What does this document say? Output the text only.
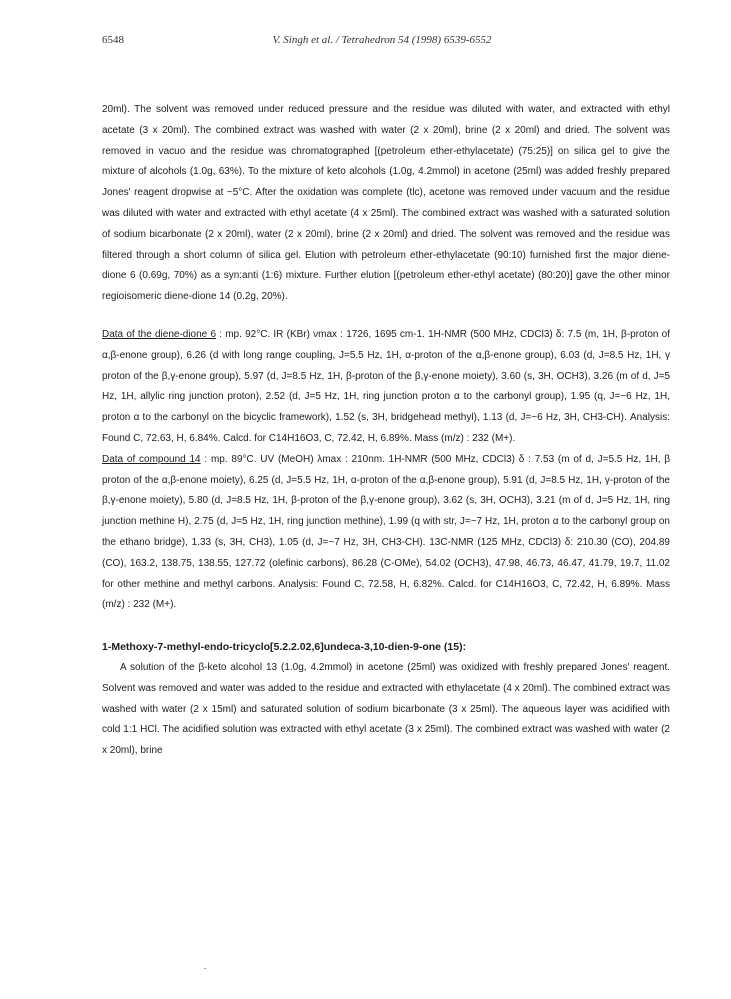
6548	V. Singh et al. / Tetrahedron 54 (1998) 6539-6552

20ml). The solvent was removed under reduced pressure and the residue was diluted with water, and extracted with ethyl acetate (3 x 20ml). The combined extract was washed with water (2 x 20ml), brine (2 x 20ml) and dried. The solvent was removed in vacuo and the residue was chromatographed [(petroleum ether-ethylacetate) (75:25)] on silica gel to give the mixture of alcohols (1.0g, 63%). To the mixture of keto alcohols (1.0g, 4.2mmol) in acetone (25ml) was added freshly prepared Jones' reagent dropwise at ~5°C. After the oxidation was complete (tlc), acetone was removed under vacuum and the residue was diluted with water and extracted with ethyl acetate (4 x 25ml). The combined extract was washed with a saturated solution of sodium bicarbonate (2 x 20ml), water (2 x 20ml), brine (2 x 20ml) and dried. The solvent was removed and the residue was filtered through a short column of silica gel. Elution with petroleum ether-ethylacetate (90:10) furnished first the major diene-dione 6 (0.69g, 70%) as a syn:anti (1:6) mixture. Further elution [(petroleum ether-ethyl acetate) (80:20)] gave the other minor regioisomeric diene-dione 14 (0.2g, 20%).

Data of the diene-dione 6 : mp. 92°C. IR (KBr) νmax : 1726, 1695 cm-1. 1H-NMR (500 MHz, CDCl3) δ: 7.5 (m, 1H, β-proton of α,β-enone group), 6.26 (d with long range coupling, J=5.5 Hz, 1H, α-proton of the α,β-enone group), 6.03 (d, J=8.5 Hz, 1H, γ proton of the β,γ-enone group), 5.97 (d, J=8.5 Hz, 1H, β-proton of the β,γ-enone moiety), 3.60 (s, 3H, OCH3), 3.26 (m of d, J=5 Hz, 1H, allylic ring junction proton), 2.52 (d, J=5 Hz, 1H, ring junction proton α to the carbonyl group), 1.95 (q, J=~6 Hz, 1H, proton α to the carbonyl on the bicyclic framework), 1.52 (s, 3H, bridgehead methyl), 1.13 (d, J=~6 Hz, 3H, CH3-CH). Analysis: Found C, 72.63, H, 6.84%. Calcd. for C14H16O3, C, 72.42, H, 6.89%. Mass (m/z) : 232 (M+).

Data of compound 14 : mp. 89°C. UV (MeOH) λmax : 210nm. 1H-NMR (500 MHz, CDCl3) δ : 7.53 (m of d, J=5.5 Hz, 1H, β proton of the α,β-enone moiety), 6.25 (d, J=5.5 Hz, 1H, α-proton of the α,β-enone group), 5.91 (d, J=8.5 Hz, 1H, γ-proton of the β,γ-enone moiety), 5.80 (d, J=8.5 Hz, 1H, β-proton of the β,γ-enone group), 3.62 (s, 3H, OCH3), 3.21 (m of d, J=5 Hz, 1H, ring junction methine H), 2.75 (d, J=5 Hz, 1H, ring junction methine), 1.99 (q with str, J=~7 Hz, 1H, proton α to the carbonyl group on the ethano bridge), 1.33 (s, 3H, CH3), 1.05 (d, J=~7 Hz, 3H, CH3-CH). 13C-NMR (125 MHz, CDCl3) δ: 210.30 (CO), 204.89 (CO), 163.2, 138.75, 138.55, 127.72 (olefinic carbons), 86.28 (C-OMe), 54.02 (OCH3), 47.98, 46.73, 46.47, 41.79, 19.7, 11.02 for other methine and methyl carbons. Analysis: Found C, 72.58, H, 6.82%. Calcd. for C14H16O3, C, 72.42, H, 6.89%. Mass (m/z) : 232 (M+).

1-Methoxy-7-methyl-endo-tricyclo[5.2.2.02,6]undeca-3,10-dien-9-one (15):

A solution of the β-keto alcohol 13 (1.0g, 4.2mmol) in acetone (25ml) was oxidized with freshly prepared Jones' reagent. Solvent was removed and water was added to the residue and extracted with ethylacetate (4 x 20ml). The combined extract was washed with water (2 x 15ml) and saturated solution of sodium bicarbonate (3 x 25ml). The aqueous layer was acidified with cold 1:1 HCl. The acidified solution was extracted with ethyl acetate (3 x 25ml). The combined extract was washed with water (2 x 20ml), brine
